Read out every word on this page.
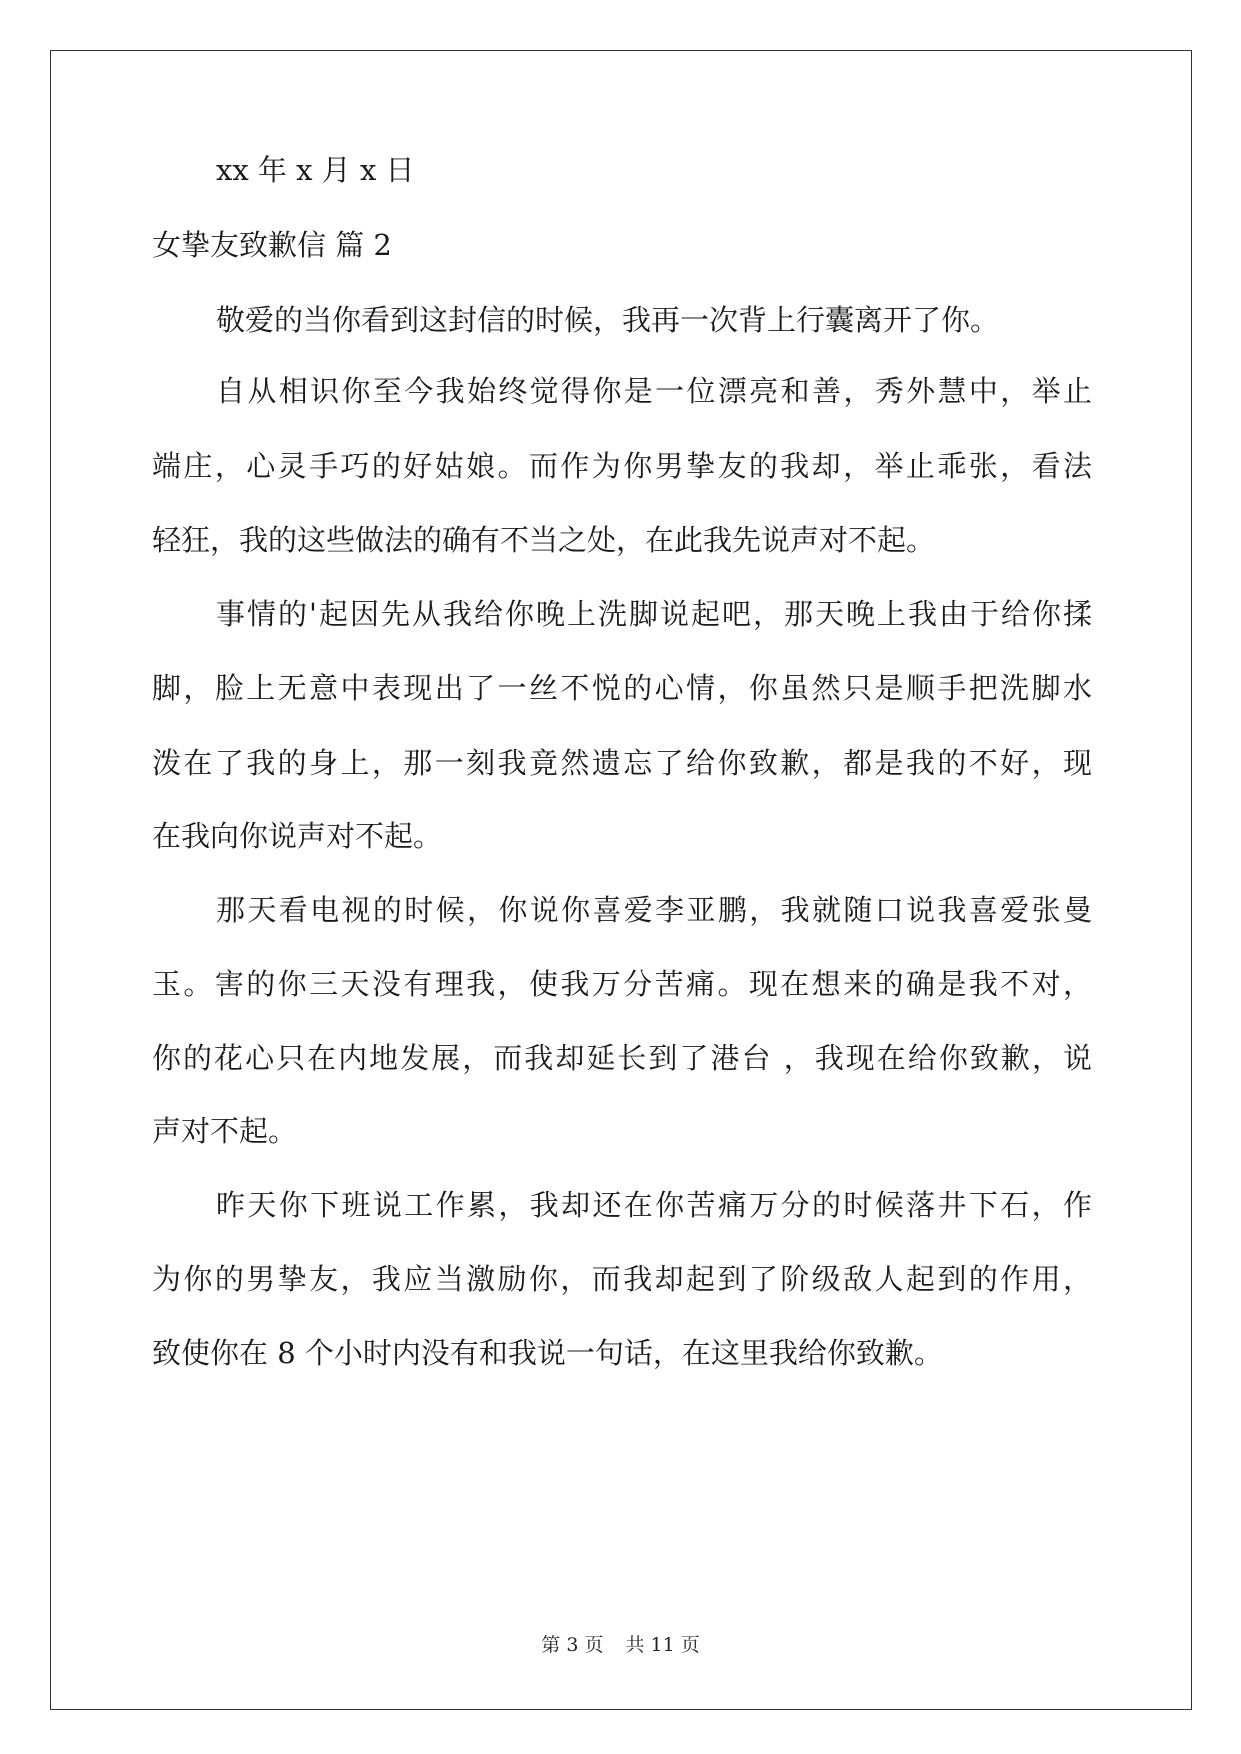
xx 年 x 月 x 日
女挚友致歉信 篇 2
敬爱的当你看到这封信的时候，我再一次背上行囊离开了你。
自从相识你至今我始终觉得你是一位漂亮和善，秀外慧中，举止
端庄，心灵手巧的好姑娘。而作为你男挚友的我却，举止乖张，看法
轻狂，我的这些做法的确有不当之处，在此我先说声对不起。
事情的'起因先从我给你晚上洗脚说起吧，那天晚上我由于给你揉
脚，脸上无意中表现出了一丝不悦的心情，你虽然只是顺手把洗脚水
泼在了我的身上，那一刻我竟然遗忘了给你致歉，都是我的不好，现
在我向你说声对不起。
那天看电视的时候，你说你喜爱李亚鹏，我就随口说我喜爱张曼
玉。害的你三天没有理我，使我万分苦痛。现在想来的确是我不对，
你的花心只在内地发展，而我却延长到了港台 ，我现在给你致歉，说
声对不起。
昨天你下班说工作累，我却还在你苦痛万分的时候落井下石，作
为你的男挚友，我应当激励你，而我却起到了阶级敌人起到的作用，
致使你在 8 个小时内没有和我说一句话，在这里我给你致歉。
第 3 页 共 11 页
